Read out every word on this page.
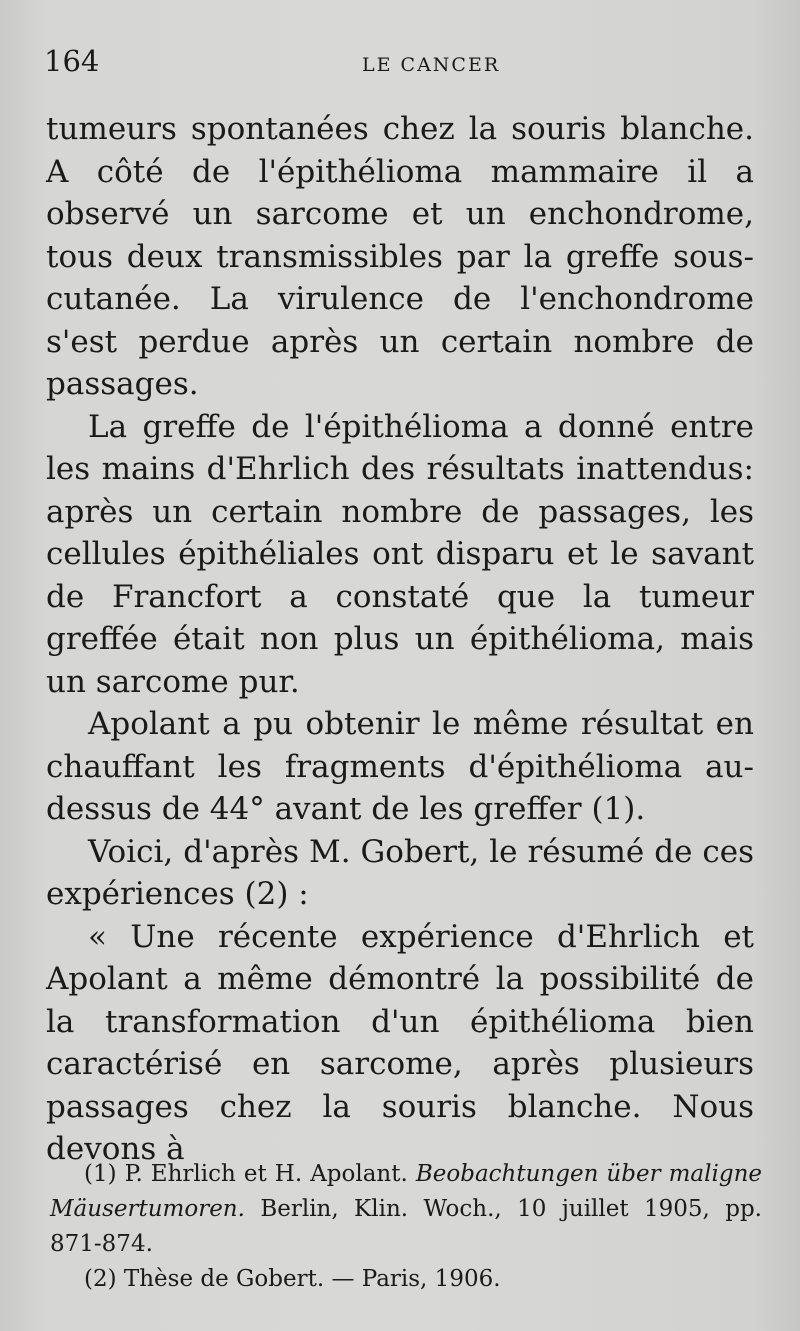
164	LE CANCER

tumeurs spontanées chez la souris blanche. A côté de l'épithélioma mammaire il a observé un sarcome et un enchondrome, tous deux transmissibles par la greffe sous-cutanée. La virulence de l'enchondrome s'est perdue après un certain nombre de passages.

La greffe de l'épithélioma a donné entre les mains d'Ehrlich des résultats inattendus: après un certain nombre de passages, les cellules épithéliales ont disparu et le savant de Francfort a constaté que la tumeur greffée était non plus un épithélioma, mais un sarcome pur.

Apolant a pu obtenir le même résultat en chauffant les fragments d'épithélioma au-dessus de 44° avant de les greffer (1).

Voici, d'après M. Gobert, le résumé de ces expériences (2) :

« Une récente expérience d'Ehrlich et Apolant a même démontré la possibilité de la transformation d'un épithélioma bien caractérisé en sarcome, après plusieurs passages chez la souris blanche. Nous devons à

(1) P. Ehrlich et H. Apolant. Beobachtungen über maligne Mäusertumoren. Berlin, Klin. Woch., 10 juillet 1905, pp. 871-874.

(2) Thèse de Gobert. — Paris, 1906.
